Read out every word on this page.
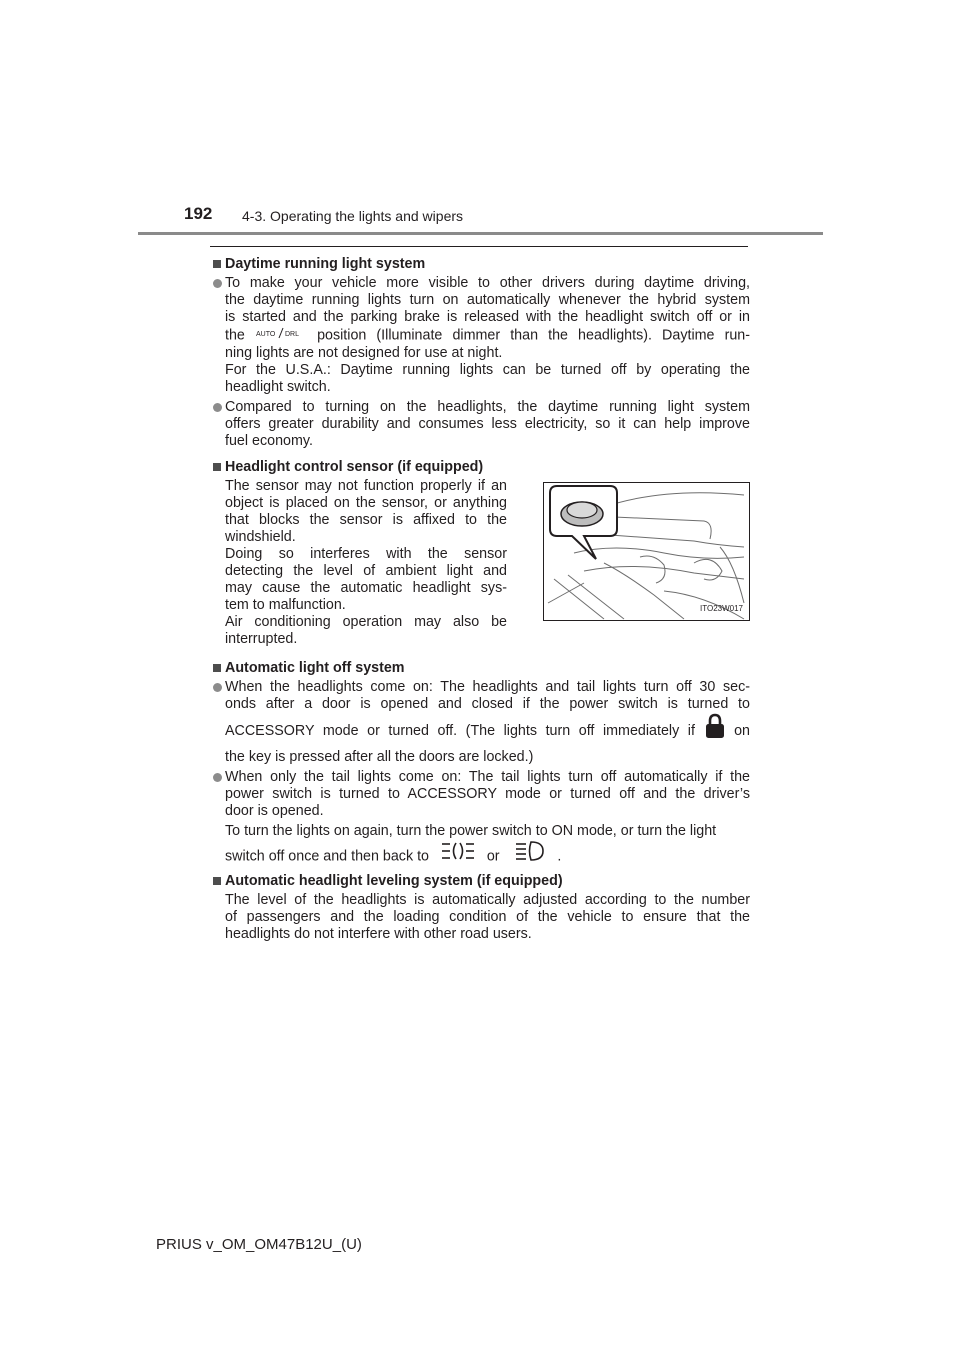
192 4-3. Operating the lights and wipers
Daytime running light system
To make your vehicle more visible to other drivers during daytime driving,
the daytime running lights turn on automatically whenever the hybrid system
is started and the parking brake is released with the headlight switch off or in
the AUTO DRL position (Illuminate dimmer than the headlights). Daytime run-
ning lights are not designed for use at night.
For the U.S.A.: Daytime running lights can be turned off by operating the
headlight switch.
Compared to turning on the headlights, the daytime running light system
offers greater durability and consumes less electricity, so it can help improve
fuel economy.
Headlight control sensor (if equipped)
The sensor may not function properly if an
object is placed on the sensor, or anything
that blocks the sensor is affixed to the
windshield.
Doing so interferes with the sensor
detecting the level of ambient light and
may cause the automatic headlight sys-
tem to malfunction.
Air conditioning operation may also be
interrupted.
ITO23W017
Automatic light off system
When the headlights come on: The headlights and tail lights turn off 30 sec-
onds after a door is opened and closed if the power switch is turned to
ACCESSORY mode or turned off. (The lights turn off immediately if	on
the key is pressed after all the doors are locked.)
When only the tail lights come on: The tail lights turn off automatically if the
power switch is turned to ACCESSORY mode or turned off and the driver’s
door is opened.
To turn the lights on again, turn the power switch to ON mode, or turn the light
switch off once and then back to	or	.
Automatic headlight leveling system (if equipped)
The level of the headlights is automatically adjusted according to the number
of passengers and the loading condition of the vehicle to ensure that the
headlights do not interfere with other road users.
PRIUS v_OM_OM47B12U_(U)
